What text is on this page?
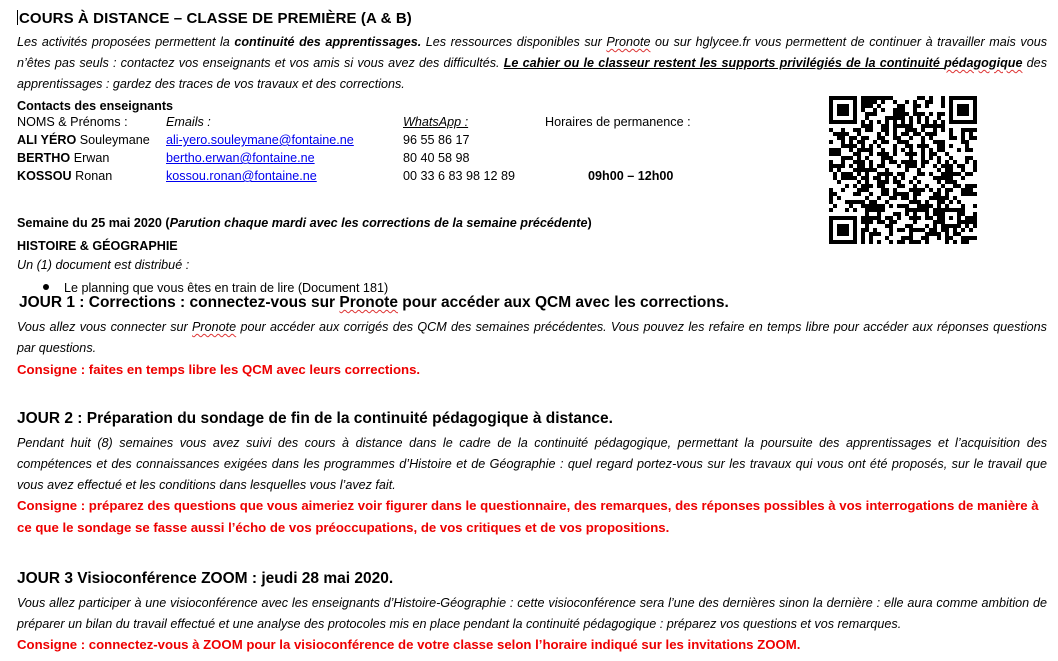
COURS À DISTANCE – CLASSE DE PREMIÈRE (A & B)

Les activités proposées permettent la continuité des apprentissages. Les ressources disponibles sur Pronote ou sur hglycee.fr vous permettent de continuer à travailler mais vous n’êtes pas seuls : contactez vos enseignants et vos amis si vous avez des difficultés. Le cahier ou le classeur restent les supports privilégiés de la continuité pédagogique des apprentissages : gardez des traces de vos travaux et des corrections.

Contacts des enseignants
NOMS & Prénoms :	Emails :	WhatsApp :	Horaires de permanence :
ALI YÉRO Souleymane	ali-yero.souleymane@fontaine.ne	96 55 86 17	
BERTHO Erwan	bertho.erwan@fontaine.ne	80 40 58 98	
KOSSOU Ronan	kossou.ronan@fontaine.ne	00 33 6 83 98 12 89		09h00 – 12h00
Semaine du 25 mai 2020 (Parution chaque mardi avec les corrections de la semaine précédente)
HISTOIRE & GÉOGRAPHIE
Un (1) document est distribué :
Le planning que vous êtes en train de lire (Document 181)
JOUR 1 : Corrections : connectez-vous sur Pronote pour accéder aux QCM avec les corrections.
Vous allez vous connecter sur Pronote pour accéder aux corrigés des QCM des semaines précédentes. Vous pouvez les refaire en temps libre pour accéder aux réponses questions par questions.
Consigne : faites en temps libre les QCM avec leurs corrections.
JOUR 2 : Préparation du sondage de fin de la continuité pédagogique à distance.
Pendant huit (8) semaines vous avez suivi des cours à distance dans le cadre de la continuité pédagogique, permettant la poursuite des apprentissages et l’acquisition des compétences et des connaissances exigées dans les programmes d’Histoire et de Géographie : quel regard portez-vous sur les travaux qui vous ont été proposés, sur le travail que vous avez effectué et les conditions dans lesquelles vous l’avez fait.
Consigne : préparez des questions que vous aimeriez voir figurer dans le questionnaire, des remarques, des réponses possibles à vos interrogations de manière à ce que le sondage se fasse aussi l’écho de vos préoccupations, de vos critiques et de vos propositions.
JOUR 3 Visioconférence ZOOM : jeudi 28 mai 2020.
Vous allez participer à une visioconférence avec les enseignants d’Histoire-Géographie : cette visioconférence sera l’une des dernières sinon la dernière : elle aura comme ambition de préparer un bilan du travail effectué et une analyse des protocoles mis en place pendant la continuité pédagogique : préparez vos questions et vos remarques.
Consigne : connectez-vous à ZOOM pour la visioconférence de votre classe selon l’horaire indiqué sur les invitations ZOOM.
